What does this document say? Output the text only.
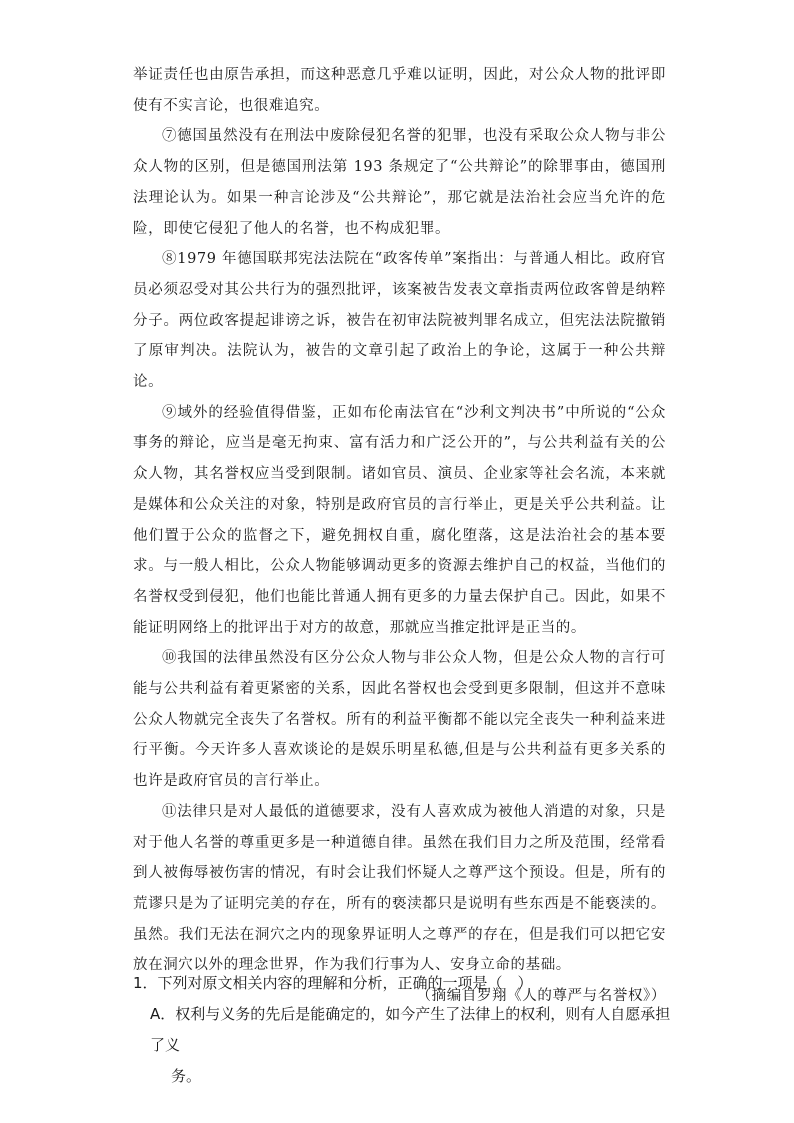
举证责任也由原告承担，而这种恶意几乎难以证明，因此，对公众人物的批评即使有不实言论，也很难追究。

⑦德国虽然没有在刑法中废除侵犯名誉的犯罪，也没有采取公众人物与非公众人物的区别，但是德国刑法第 193 条规定了“公共辩论”的除罪事由，德国刑法理论认为。如果一种言论涉及“公共辩论”，那它就是法治社会应当允许的危险，即使它侵犯了他人的名誉，也不构成犯罪。

⑧1979 年德国联邦宪法法院在“政客传单”案指出：与普通人相比。政府官员必须忍受对其公共行为的强烈批评，该案被告发表文章指责两位政客曾是纳粹分子。两位政客提起诽谤之诉，被告在初审法院被判罪名成立，但宪法法院撤销了原审判决。法院认为，被告的文章引起了政治上的争论，这属于一种公共辩论。

⑨域外的经验值得借鉴，正如布伦南法官在“沙利文判决书”中所说的“公众事务的辩论，应当是毫无拘束、富有活力和广泛公开的”，与公共利益有关的公众人物，其名誉权应当受到限制。诸如官员、演员、企业家等社会名流，本来就是媒体和公众关注的对象，特别是政府官员的言行举止，更是关乎公共利益。让他们置于公众的监督之下，避免拥权自重，腐化堕落，这是法治社会的基本要求。与一般人相比，公众人物能够调动更多的资源去维护自己的权益，当他们的名誉权受到侵犯，他们也能比普通人拥有更多的力量去保护自己。因此，如果不能证明网络上的批评出于对方的故意，那就应当推定批评是正当的。

⑩我国的法律虽然没有区分公众人物与非公众人物，但是公众人物的言行可能与公共利益有着更紧密的关系，因此名誉权也会受到更多限制，但这并不意味公众人物就完全丧失了名誉权。所有的利益平衡都不能以完全丧失一种利益来进行平衡。今天许多人喜欢谈论的是娱乐明星私德,但是与公共利益有更多关系的也许是政府官员的言行举止。

⑪法律只是对人最低的道德要求，没有人喜欢成为被他人消遣的对象，只是对于他人名誉的尊重更多是一种道德自律。虽然在我们目力之所及范围，经常看到人被侮辱被伤害的情况，有时会让我们怀疑人之尊严这个预设。但是，所有的荒谬只是为了证明完美的存在，所有的亵渎都只是说明有些东西是不能亵渎的。虽然。我们无法在洞穴之内的现象界证明人之尊严的存在，但是我们可以把它安放在洞穴以外的理念世界，作为我们行事为人、安身立命的基础。

（摘编自罗翔《人的尊严与名誉权》）

1．下列对原文相关内容的理解和分析，正确的一项是（　）

A．权利与义务的先后是能确定的，如今产生了法律上的权利，则有人自愿承担了义
务。
